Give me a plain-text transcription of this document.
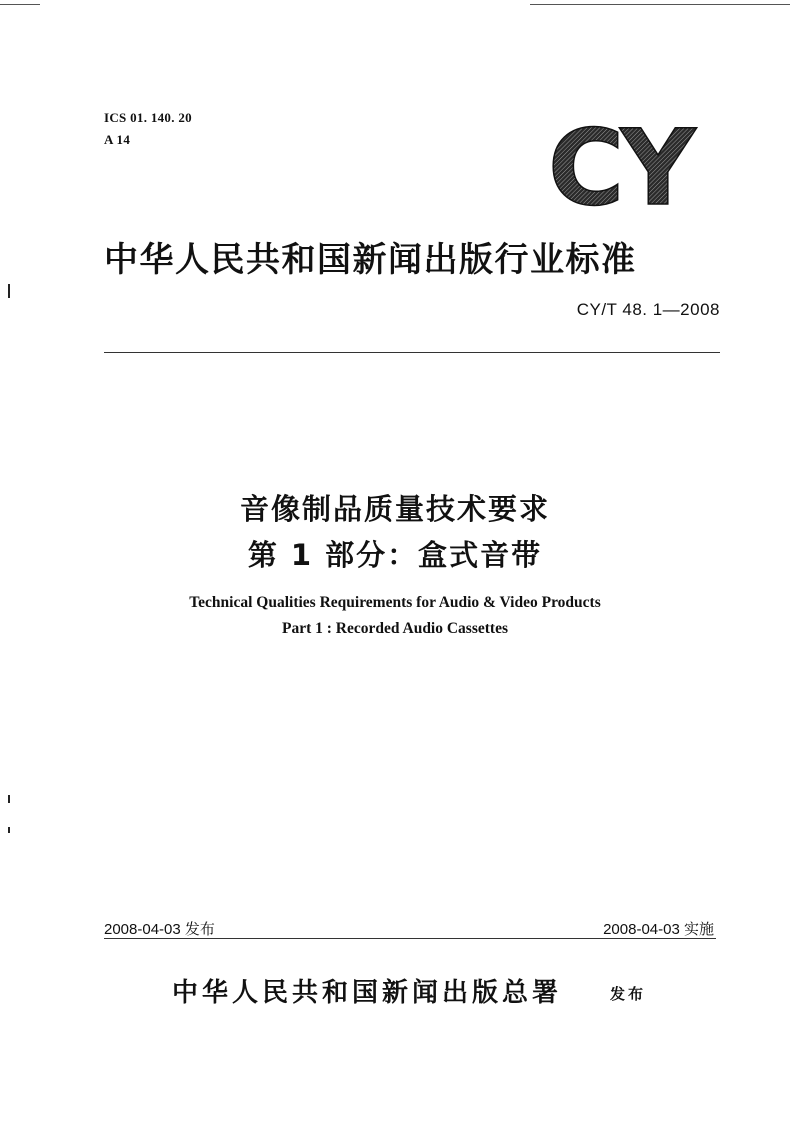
ICS 01. 140. 20
A 14	CY
中华人民共和国新闻出版行业标准
CY/T 48. 1—2008
音像制品质量技术要求
第 1 部分：盒式音带
Technical Qualities Requirements for Audio & Video Products
Part 1 : Recorded Audio Cassettes
2008-04-03 发布	2008-04-03 实施
中华人民共和国新闻出版总署	发布
